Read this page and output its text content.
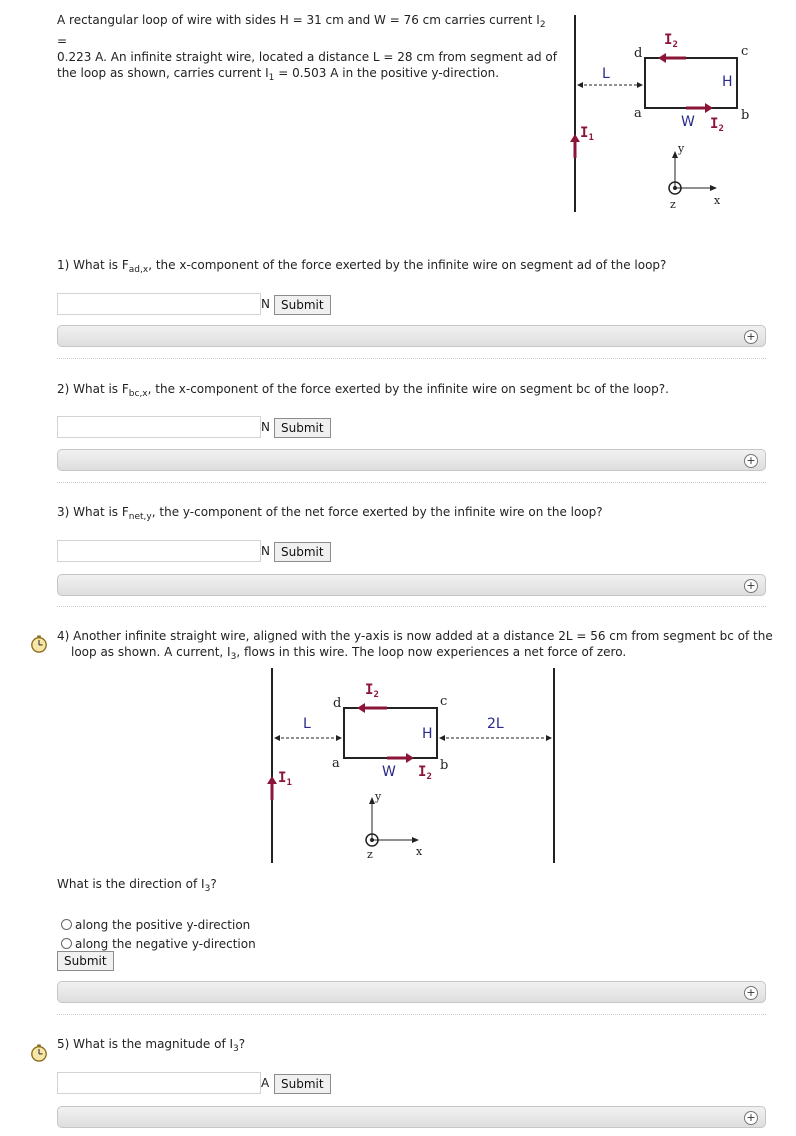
A rectangular loop of wire with sides H = 31 cm and W = 76 cm carries current $I_2$ =
0.223 A. An infinite straight wire, located a distance L = 28 cm from segment ad of
the loop as shown, carries current $I_1 = 0.503$ A in the positive y-direction.
$I_2$
$I_2$
$I_1$
L	H
W
a	b
c
d
y
x
z
1) What is $F_{ad,x}$, the x-component of the force exerted by the infinite wire on segment ad of the loop?
N Submit
+
2) What is $F_{bc,x}$, the x-component of the force exerted by the infinite wire on segment bc of the loop?.
N Submit
+
3) What is $F_{net,y}$, the y-component of the net force exerted by the infinite wire on the loop?
N Submit
+
4) Another infinite straight wire, aligned with the y-axis is now added at a distance 2L = 56 cm from segment bc of the
loop as shown. A current, $I_3$, flows in this wire. The loop now experiences a net force of zero.
$I_2$
$I_2$
$I_1$
L
H
2L
W
a	b
c
d
y
x
z
What is the direction of $I_3$?
along the positive y-direction
along the negative y-direction
Submit
+
5) What is the magnitude of $I_3$?
A Submit
+
